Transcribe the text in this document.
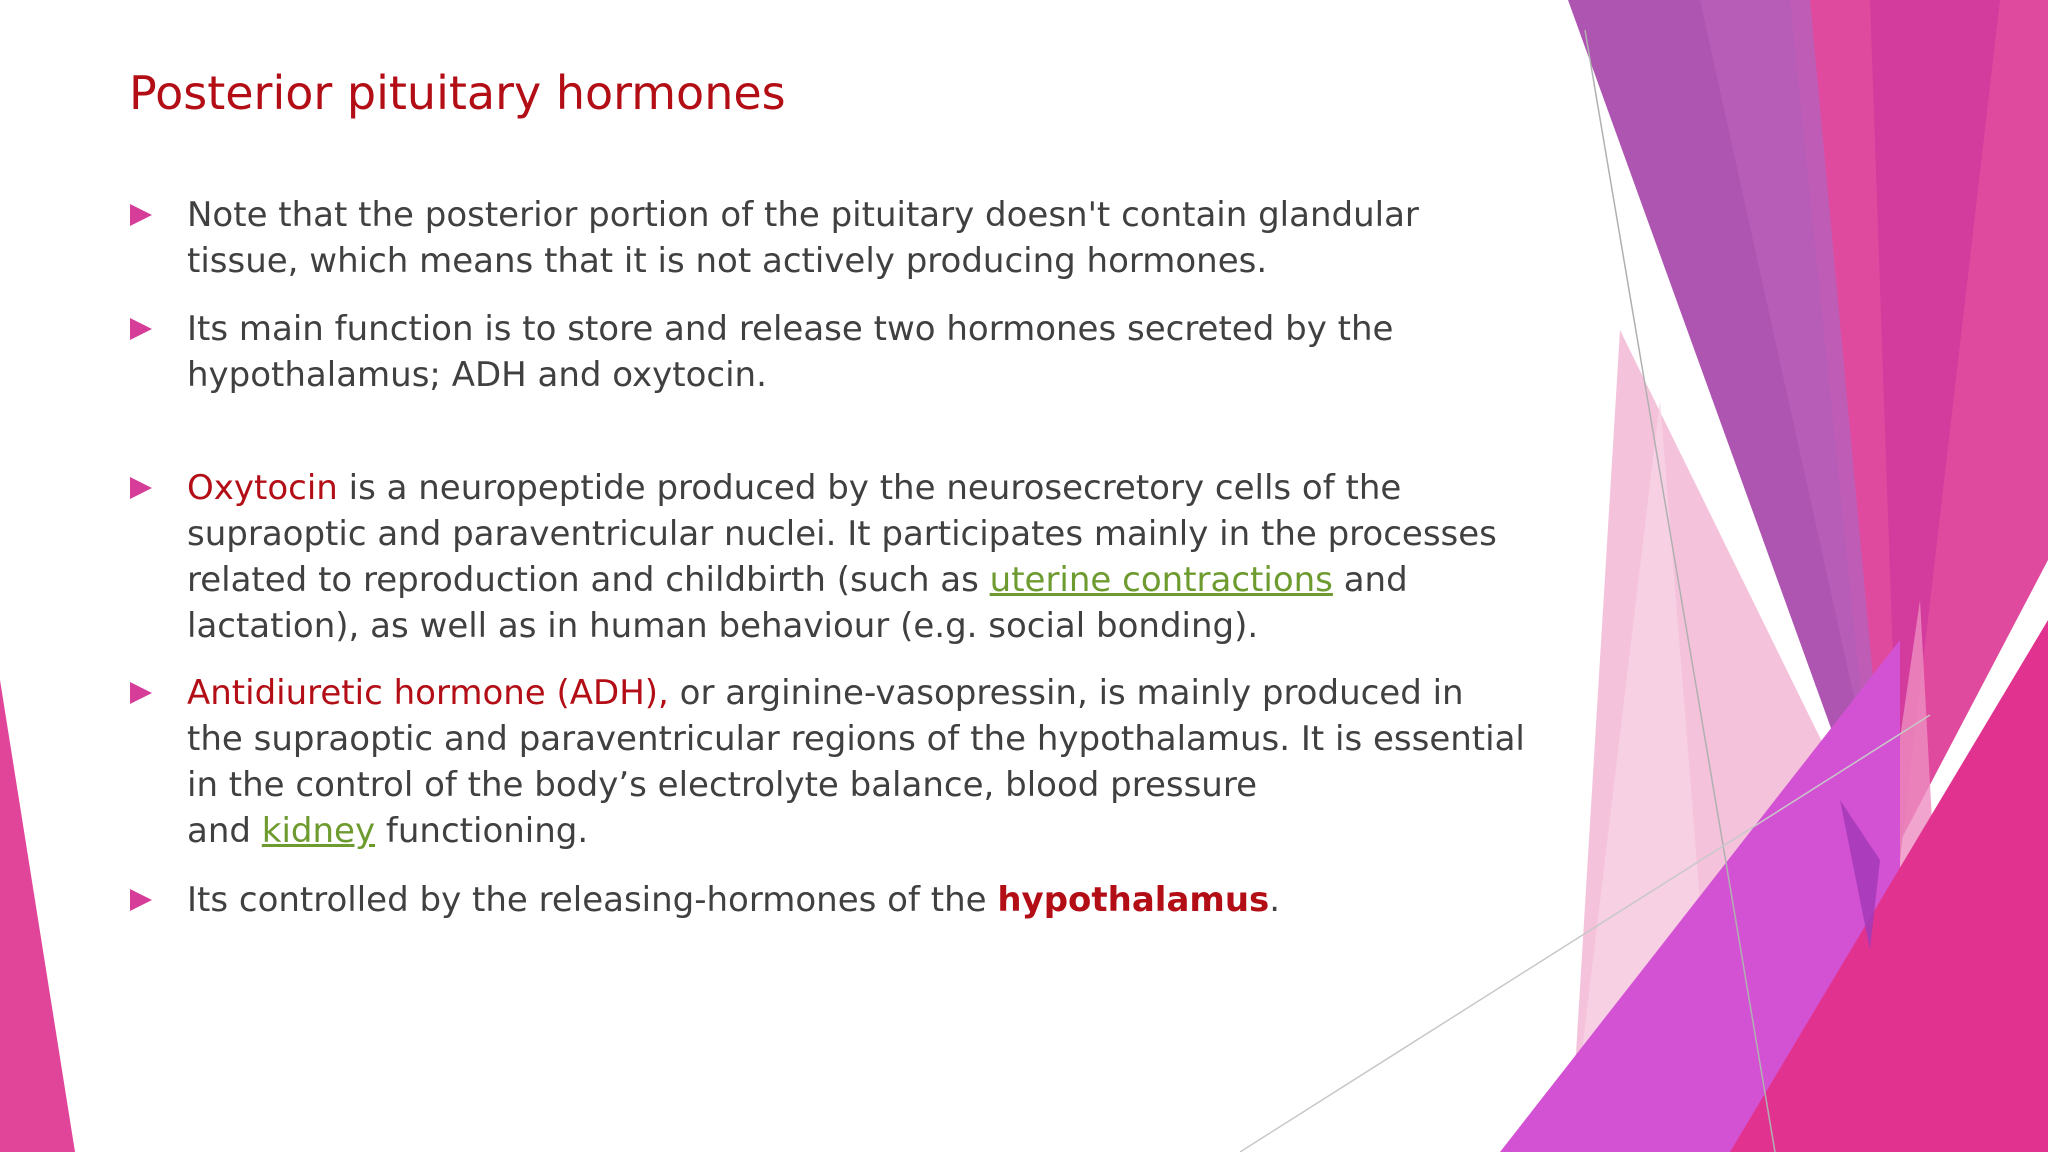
Posterior pituitary hormones
Note that the posterior portion of the pituitary doesn't contain glandular
tissue, which means that it is not actively producing hormones.
Its main function is to store and release two hormones secreted by the
hypothalamus; ADH and oxytocin.
Oxytocin is a neuropeptide produced by the neurosecretory cells of the
supraoptic and paraventricular nuclei. It participates mainly in the processes
related to reproduction and childbirth (such as uterine contractions and
lactation), as well as in human behaviour (e.g. social bonding).
Antidiuretic hormone (ADH), or arginine-vasopressin, is mainly produced in
the supraoptic and paraventricular regions of the hypothalamus. It is essential
in the control of the body’s electrolyte balance, blood pressure
and kidney functioning.
Its controlled by the releasing-hormones of the hypothalamus.
